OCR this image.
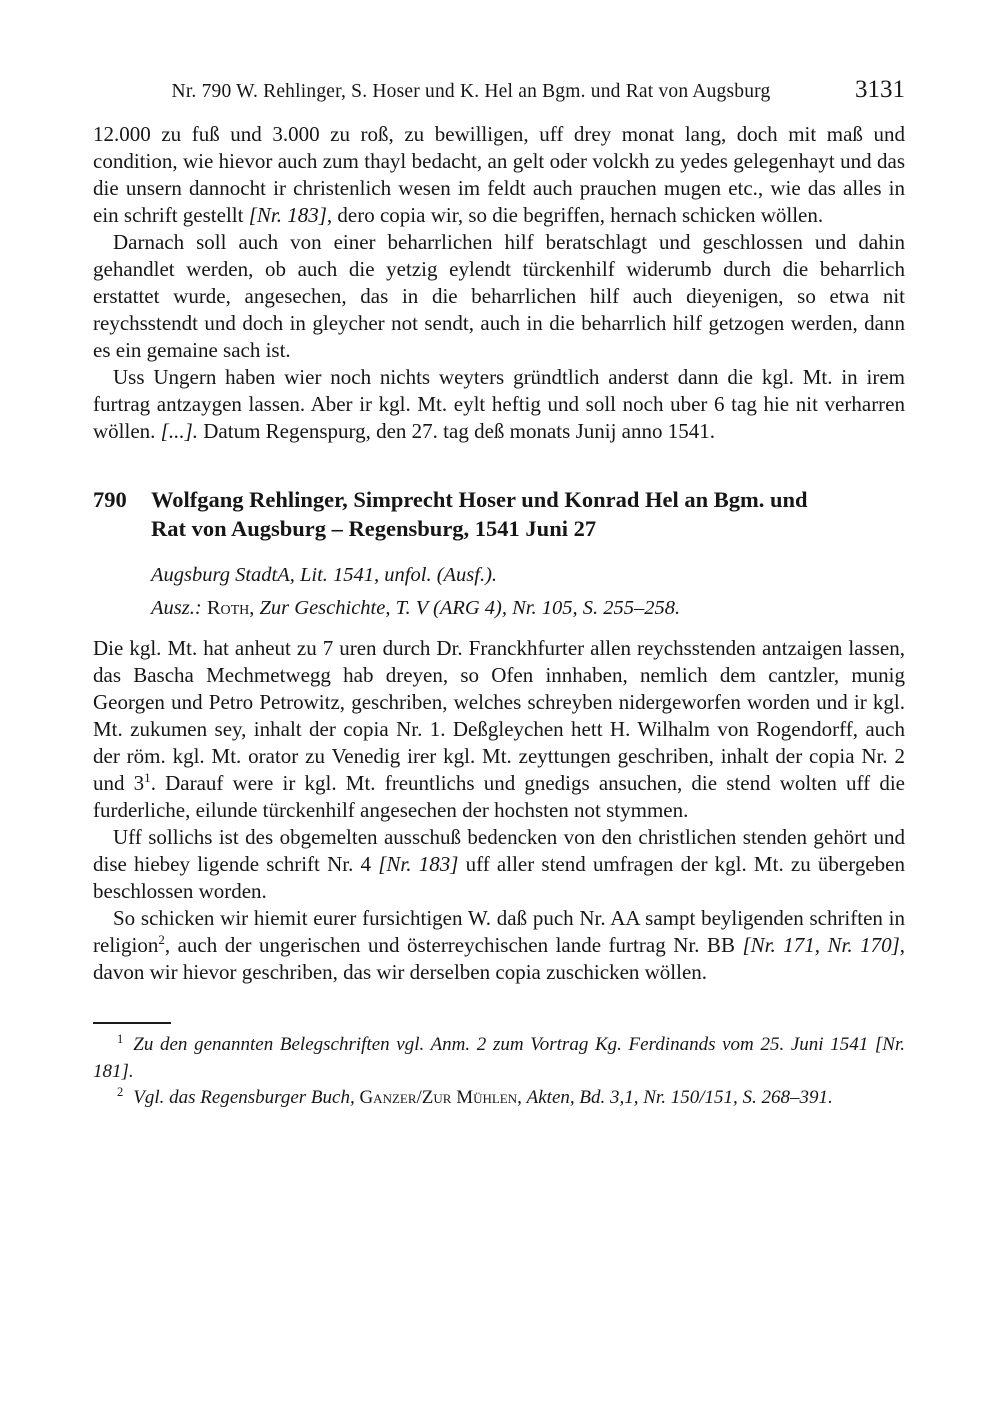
Nr. 790 W. Rehlinger, S. Hoser und K. Hel an Bgm. und Rat von Augsburg	3131

12.000 zu fuß und 3.000 zu roß, zu bewilligen, uff drey monat lang, doch mit maß und condition, wie hievor auch zum thayl bedacht, an gelt oder volckh zu yedes gelegenhayt und das die unsern dannocht ir christenlich wesen im feldt auch prauchen mugen etc., wie das alles in ein schrift gestellt [Nr. 183], dero copia wir, so die begriffen, hernach schicken wöllen.

Darnach soll auch von einer beharrlichen hilf beratschlagt und geschlossen und dahin gehandlet werden, ob auch die yetzig eylendt türckenhilf widerumb durch die beharrlich erstattet wurde, angesechen, das in die beharrlichen hilf auch dieyenigen, so etwa nit reychsstendt und doch in gleycher not sendt, auch in die beharrlich hilf getzogen werden, dann es ein gemaine sach ist.

Uss Ungern haben wier noch nichts weyters gründtlich anderst dann die kgl. Mt. in irem furtrag antzaygen lassen. Aber ir kgl. Mt. eylt heftig und soll noch uber 6 tag hie nit verharren wöllen. [...]. Datum Regenspurg, den 27. tag deß monats Junij anno 1541.

790	Wolfgang Rehlinger, Simprecht Hoser und Konrad Hel an Bgm. und
Rat von Augsburg – Regensburg, 1541 Juni 27
Augsburg StadtA, Lit. 1541, unfol. (Ausf.).
Ausz.: Roth, Zur Geschichte, T. V (ARG 4), Nr. 105, S. 255–258.

Die kgl. Mt. hat anheut zu 7 uren durch Dr. Franckhfurter allen reychsstenden antzaigen lassen, das Bascha Mechmetwegg hab dreyen, so Ofen innhaben, nemlich dem cantzler, munig Georgen und Petro Petrowitz, geschriben, welches schreyben nidergeworfen worden und ir kgl. Mt. zukumen sey, inhalt der copia Nr. 1. Deßgleychen hett H. Wilhalm von Rogendorff, auch der röm. kgl. Mt. orator zu Venedig irer kgl. Mt. zeyttungen geschriben, inhalt der copia Nr. 2 und $3^1$. Darauf were ir kgl. Mt. freuntlichs und gnedigs ansuchen, die stend wolten uff die furderliche, eilunde türckenhilf angesechen der hochsten not stymmen.

Uff sollichs ist des obgemelten ausschuß bedencken von den christlichen stenden gehört und dise hiebey ligende schrift Nr. 4 [Nr. 183] uff aller stend umfragen der kgl. Mt. zu übergeben beschlossen worden.

So schicken wir hiemit eurer fursichtigen W. daß puch Nr. AA sampt beyligenden schriften in religion$^2$, auch der ungerischen und österreychischen lande furtrag Nr. BB [Nr. 171, Nr. 170], davon wir hievor geschriben, das wir derselben copia zuschicken wöllen.

$^1$ Zu den genannten Belegschriften vgl. Anm. 2 zum Vortrag Kg. Ferdinands vom 25. Juni 1541 [Nr. 181].

$^2$ Vgl. das Regensburger Buch, Ganzer/Zur Mühlen, Akten, Bd. 3,1, Nr. 150/151, S. 268–391.
